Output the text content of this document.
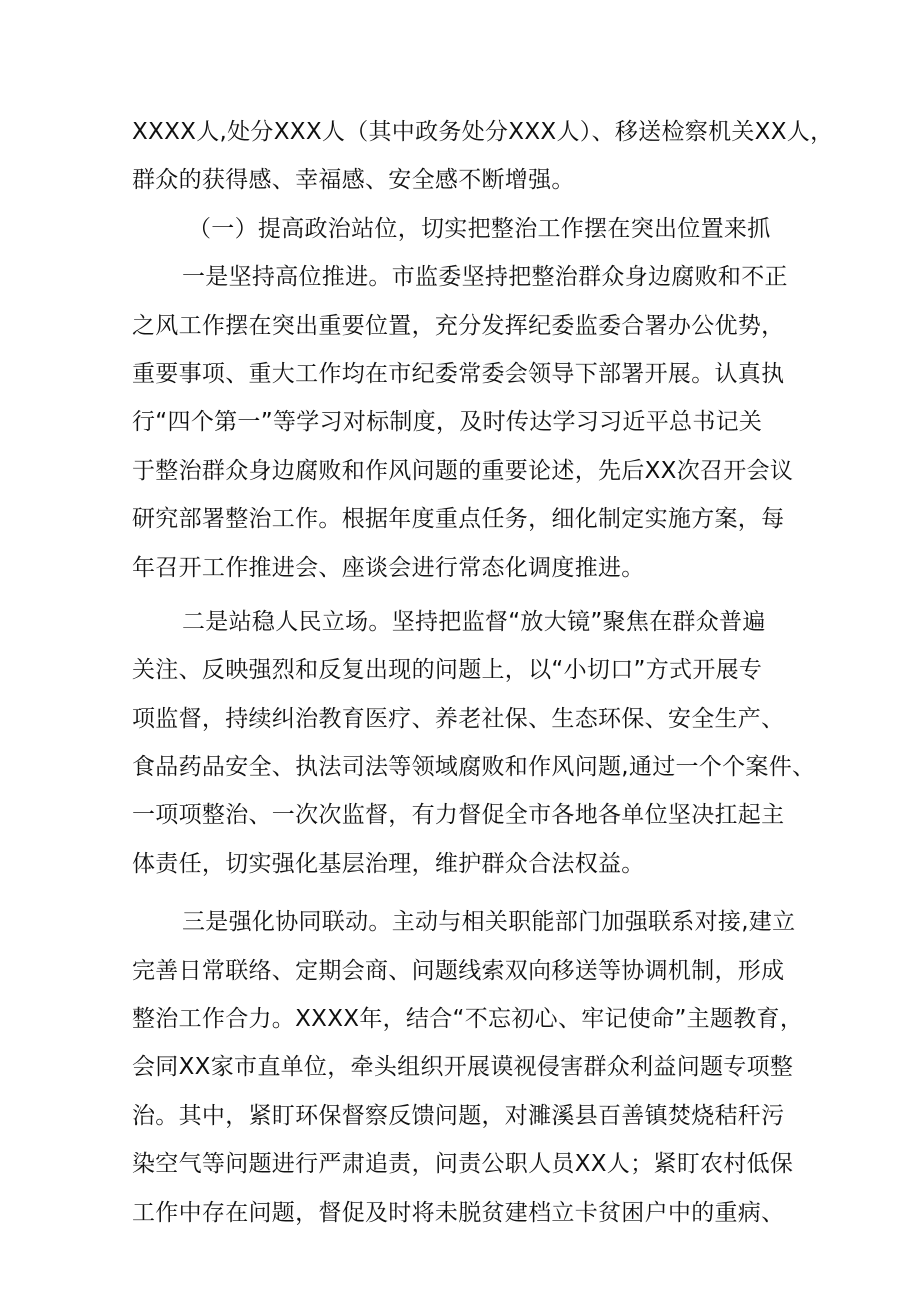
XXXX人,处分XXX人（其中政务处分XXX人）、移送检察机关XX人，
群众的获得感、幸福感、安全感不断增强。
（一）提高政治站位，切实把整治工作摆在突出位置来抓
一是坚持高位推进。市监委坚持把整治群众身边腐败和不正
之风工作摆在突出重要位置，充分发挥纪委监委合署办公优势，
重要事项、重大工作均在市纪委常委会领导下部署开展。认真执
行“四个第一”等学习对标制度，及时传达学习习近平总书记关
于整治群众身边腐败和作风问题的重要论述，先后XX次召开会议
研究部署整治工作。根据年度重点任务，细化制定实施方案，每
年召开工作推进会、座谈会进行常态化调度推进。
二是站稳人民立场。坚持把监督“放大镜”聚焦在群众普遍
关注、反映强烈和反复出现的问题上，以“小切口”方式开展专
项监督，持续纠治教育医疗、养老社保、生态环保、安全生产、
食品药品安全、执法司法等领域腐败和作风问题,通过一个个案件、
一项项整治、一次次监督，有力督促全市各地各单位坚决扛起主
体责任，切实强化基层治理，维护群众合法权益。
三是强化协同联动。主动与相关职能部门加强联系对接,建立
完善日常联络、定期会商、问题线索双向移送等协调机制，形成
整治工作合力。XXXX年，结合“不忘初心、牢记使命”主题教育，
会同XX家市直单位，牵头组织开展谟视侵害群众利益问题专项整
治。其中，紧盯环保督察反馈问题，对濉溪县百善镇焚烧秸秆污
染空气等问题进行严肃追责，问责公职人员XX人；紧盯农村低保
工作中存在问题，督促及时将未脱贫建档立卡贫困户中的重病、
